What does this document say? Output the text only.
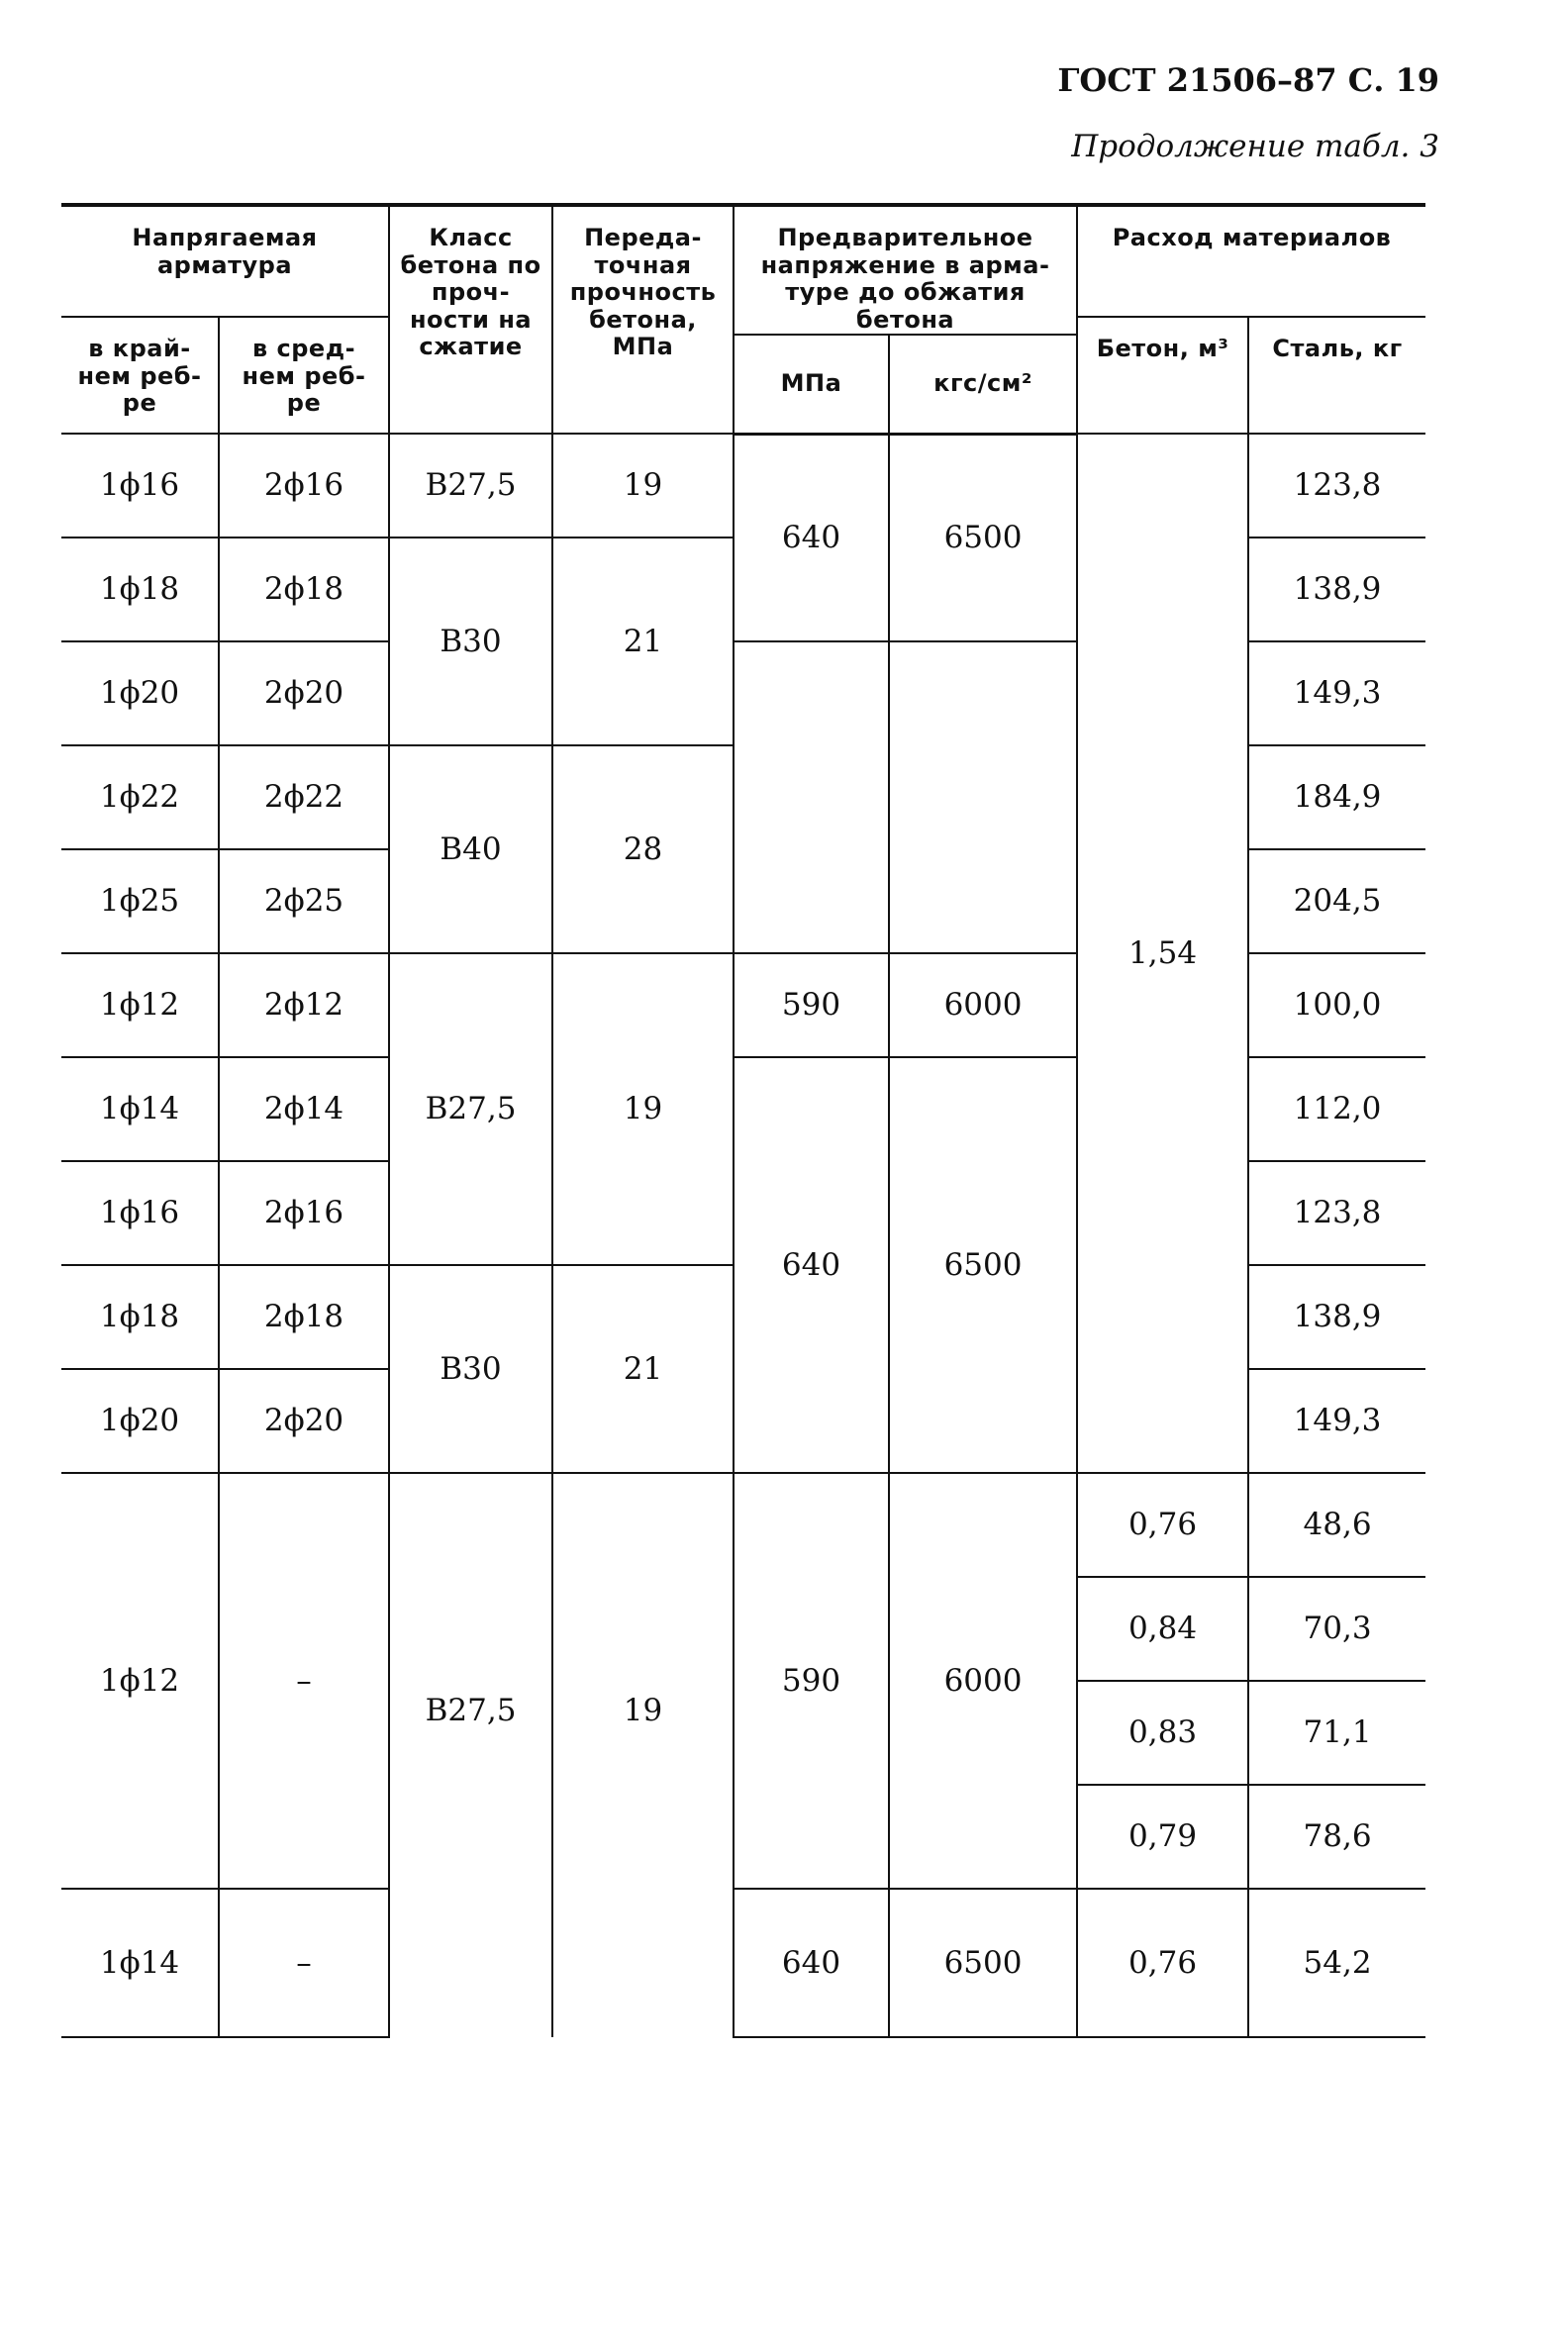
ГОСТ 21506–87 С. 19
Продолжение табл. 3
Напрягаемая арматура		Класс бетона по проч- ности на сжатие	Переда- точная прочность бетона, МПа	Предварительное напряжение в арма- туре до обжатия бетона		Расход материалов	
в край- нем реб- ре	в сред- нем реб- ре					Бетон, м³	Сталь, кг
				МПа	кгс/см²		
1ϕ16	2ϕ16	В27,5	19	640	6500	1,54	123,8
1ϕ18	2ϕ18	В30	21				138,9
1ϕ20	2ϕ20						149,3
1ϕ22	2ϕ22	В40	28				184,9
1ϕ25	2ϕ25						204,5
1ϕ12	2ϕ12	В27,5	19	590	6000		100,0
1ϕ14	2ϕ14			640	6500		112,0
1ϕ16	2ϕ16						123,8
1ϕ18	2ϕ18	В30	21				138,9
1ϕ20	2ϕ20						149,3
1ϕ12	–	В27,5	19	590	6000	0,76	48,6
						0,84	70,3
						0,83	71,1
						0,79	78,6
1ϕ14	–			640	6500	0,76	54,2
